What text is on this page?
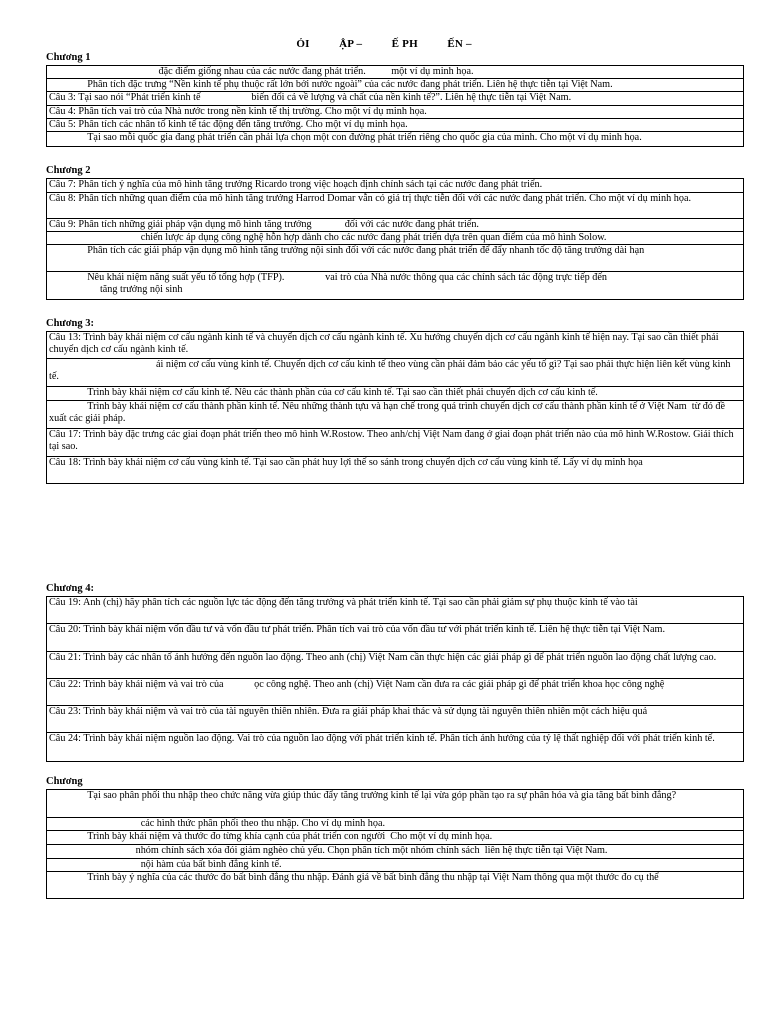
ỎI          ẬP –          Ế PH          ẾN –
Chương 1
đặc điểm giống nhau của các nước đang phát triển.          một ví dụ minh họa.
Phân tích đặc trưng “Nền kinh tế phụ thuộc rất lớn bởi nước ngoài” của các nước đang phát triển. Liên hệ thực tiễn tại Việt Nam.
Câu 3: Tại sao nói “Phát triển kinh tế                    biến đổi cả về lượng và chất của nền kinh tế?”. Liên hệ thực tiễn tại Việt Nam.
Câu 4: Phân tích vai trò của Nhà nước trong nền kinh tế thị trường. Cho một ví dụ minh họa.
Câu 5: Phân tích các nhân tố kinh tế tác động đến tăng trưởng. Cho một ví dụ minh họa.
Tại sao mỗi quốc gia đang phát triển cần phải lựa chọn một con đường phát triển riêng cho quốc gia của mình. Cho một ví dụ minh họa.
Chương 2
Câu 7: Phân tích ý nghĩa của mô hình tăng trưởng Ricardo trong việc hoạch định chính sách tại các nước đang phát triển.
Câu 8: Phân tích những quan điểm của mô hình tăng trưởng Harrod Domar vẫn có giá trị thực tiễn đối với các nước đang phát triển. Cho một ví dụ minh họa.
Câu 9: Phân tích những giải pháp vận dụng mô hình tăng trưởng             đối với các nước đang phát triển.
chiến lược áp dụng công nghệ hỗn hợp dành cho các nước đang phát triển dựa trên quan điểm của mô hình Solow.
Phân tích các giải pháp vận dụng mô hình tăng trưởng nội sinh đối với các nước đang phát triển để đẩy nhanh tốc độ tăng trưởng dài hạn
Nêu khái niệm năng suất yếu tố tổng hợp (TFP).                vai trò của Nhà nước thông qua các chính sách tác động trực tiếp đến
tăng trưởng nội sinh
Chương 3:
Câu 13: Trình bày khái niệm cơ cấu ngành kinh tế và chuyển dịch cơ cấu ngành kinh tế. Xu hướng chuyển dịch cơ cấu ngành kinh tế hiện nay. Tại sao cần thiết phải chuyển dịch cơ cấu ngành kinh tế.
ái niệm cơ cấu vùng kinh tế. Chuyển dịch cơ cấu kinh tế theo vùng cần phải đảm bảo các yếu tố gì? Tại sao phải thực hiện liên kết vùng kinh tế.
Trình bày khái niệm cơ cấu kinh tế. Nêu các thành phần của cơ cấu kinh tế. Tại sao cần thiết phải chuyển dịch cơ cấu kinh tế.
Trình bày khái niệm cơ cấu thành phần kinh tế. Nêu những thành tựu và hạn chế trong quá trình chuyển dịch cơ cấu thành phần kinh tế ở Việt Nam  từ đó đề xuất các giải pháp.
Câu 17: Trình bày đặc trưng các giai đoạn phát triển theo mô hình W.Rostow. Theo anh/chị Việt Nam đang ở giai đoạn phát triển nào của mô hình W.Rostow. Giải thích tại sao.
Câu 18: Trình bày khái niệm cơ cấu vùng kinh tế. Tại sao cần phát huy lợi thế so sánh trong chuyển dịch cơ cấu vùng kinh tế. Lấy ví dụ minh họa
Chương 4:
Câu 19: Anh (chị) hãy phân tích các nguồn lực tác động đến tăng trưởng và phát triển kinh tế. Tại sao cần phải giảm sự phụ thuộc kinh tế vào tài
Câu 20: Trình bày khái niệm vốn đầu tư và vốn đầu tư phát triển. Phân tích vai trò của vốn đầu tư với phát triển kinh tế. Liên hệ thực tiễn tại Việt Nam.
Câu 21: Trình bày các nhân tố ảnh hưởng đến nguồn lao động. Theo anh (chị) Việt Nam cần thực hiện các giải pháp gì để phát triển nguồn lao động chất lượng cao.
Câu 22: Trình bày khái niệm và vai trò của            ọc công nghệ. Theo anh (chị) Việt Nam cần đưa ra các giải pháp gì để phát triển khoa học công nghệ
Câu 23: Trình bày khái niệm và vai trò của tài nguyên thiên nhiên. Đưa ra giải pháp khai thác và sử dụng tài nguyên thiên nhiên một cách hiệu quả
Câu 24: Trình bày khái niệm nguồn lao động. Vai trò của nguồn lao động với phát triển kinh tế. Phân tích ảnh hưởng của tỷ lệ thất nghiệp đối với phát triển kinh tế.
Chương
Tại sao phân phối thu nhập theo chức năng vừa giúp thúc đẩy tăng trưởng kinh tế lại vừa góp phần tạo ra sự phân hóa và gia tăng bất bình đẳng?
các hình thức phân phối theo thu nhập. Cho ví dụ minh họa.
Trình bày khái niệm và thước đo từng khía cạnh của phát triển con người  Cho một ví dụ minh họa.
nhóm chính sách xóa đói giảm nghèo chủ yếu. Chọn phân tích một nhóm chính sách  liên hệ thực tiễn tại Việt Nam.
nội hàm của bất bình đẳng kinh tế.
Trình bày ý nghĩa của các thước đo bất bình đẳng thu nhập. Đánh giá về bất bình đẳng thu nhập tại Việt Nam thông qua một thước đo cụ thể
